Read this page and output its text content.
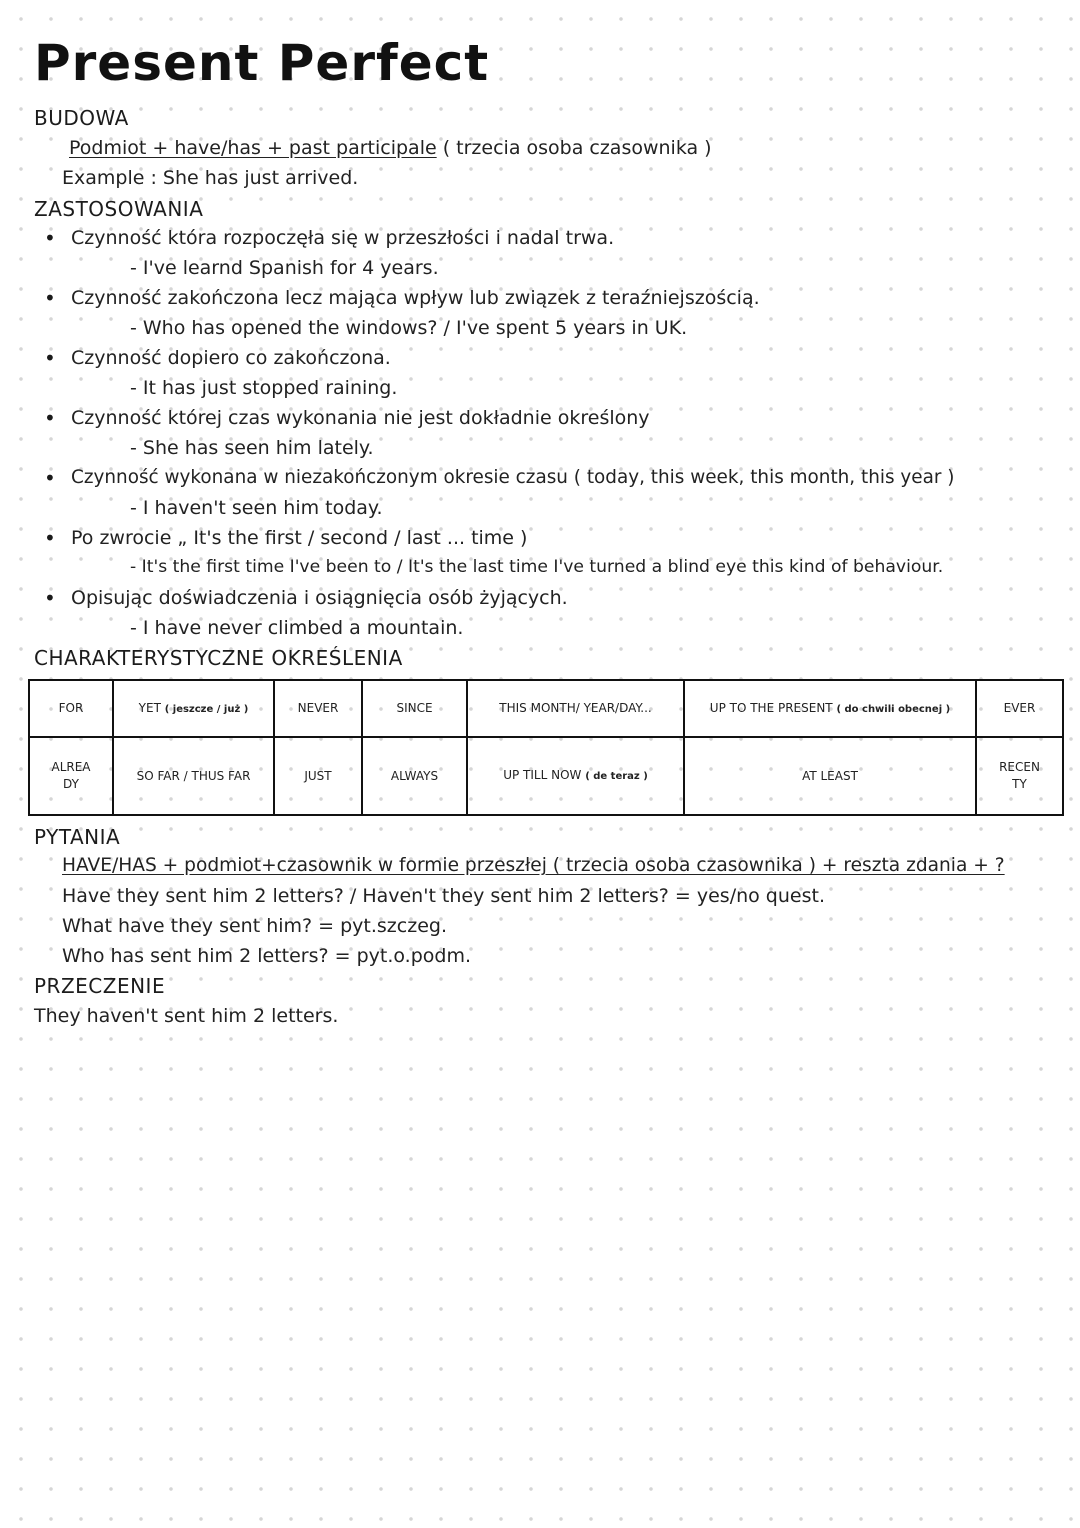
Present Perfect
BUDOWA
Podmiot + have/has + past participale ( trzecia osoba czasownika )
Example : She has just arrived.
ZASTOSOWANIA
• Czynność która rozpoczęła się w przeszłości i nadal trwa.
- I've learnd Spanish for 4 years.
• Czynność zakończona lecz mająca wpływ lub związek z teraźniejszością.
- Who has opened the windows? / I've spent 5 years in UK.
• Czynność dopiero co zakończona.
- It has just stopped raining.
• Czynność której czas wykonania nie jest dokładnie określony
- She has seen him lately.
• Czynność wykonana w niezakończonym okresie czasu ( today, this week, this month, this year )
- I haven't seen him today.
• Po zwrocie „ It's the first / second / last ... time )
- It's the first time I've been to / It's the last time I've turned a blind eye this kind of behaviour.
• Opisując doświadczenia i osiągnięcia osób żyjących.
- I have never climbed a mountain.
CHARAKTERYSTYCZNE OKREŚLENIA
FOR	YET ( jeszcze / już )	NEVER	SINCE	THIS MONTH/ YEAR/DAY...	UP TO THE PRESENT ( do chwili obecnej )	EVER
ALREA
DY	SO FAR / THUS FAR	JUST	ALWAYS	UP TILL NOW ( de teraz )	AT LEAST	RECEN
TY
PYTANIA
HAVE/HAS + podmiot+czasownik w formie przeszłej ( trzecia osoba czasownika ) + reszta zdania + ?
Have they sent him 2 letters? / Haven't they sent him 2 letters? = yes/no quest.
What have they sent him? = pyt.szczeg.
Who has sent him 2 letters? = pyt.o.podm.
PRZECZENIE
They haven't sent him 2 letters.
